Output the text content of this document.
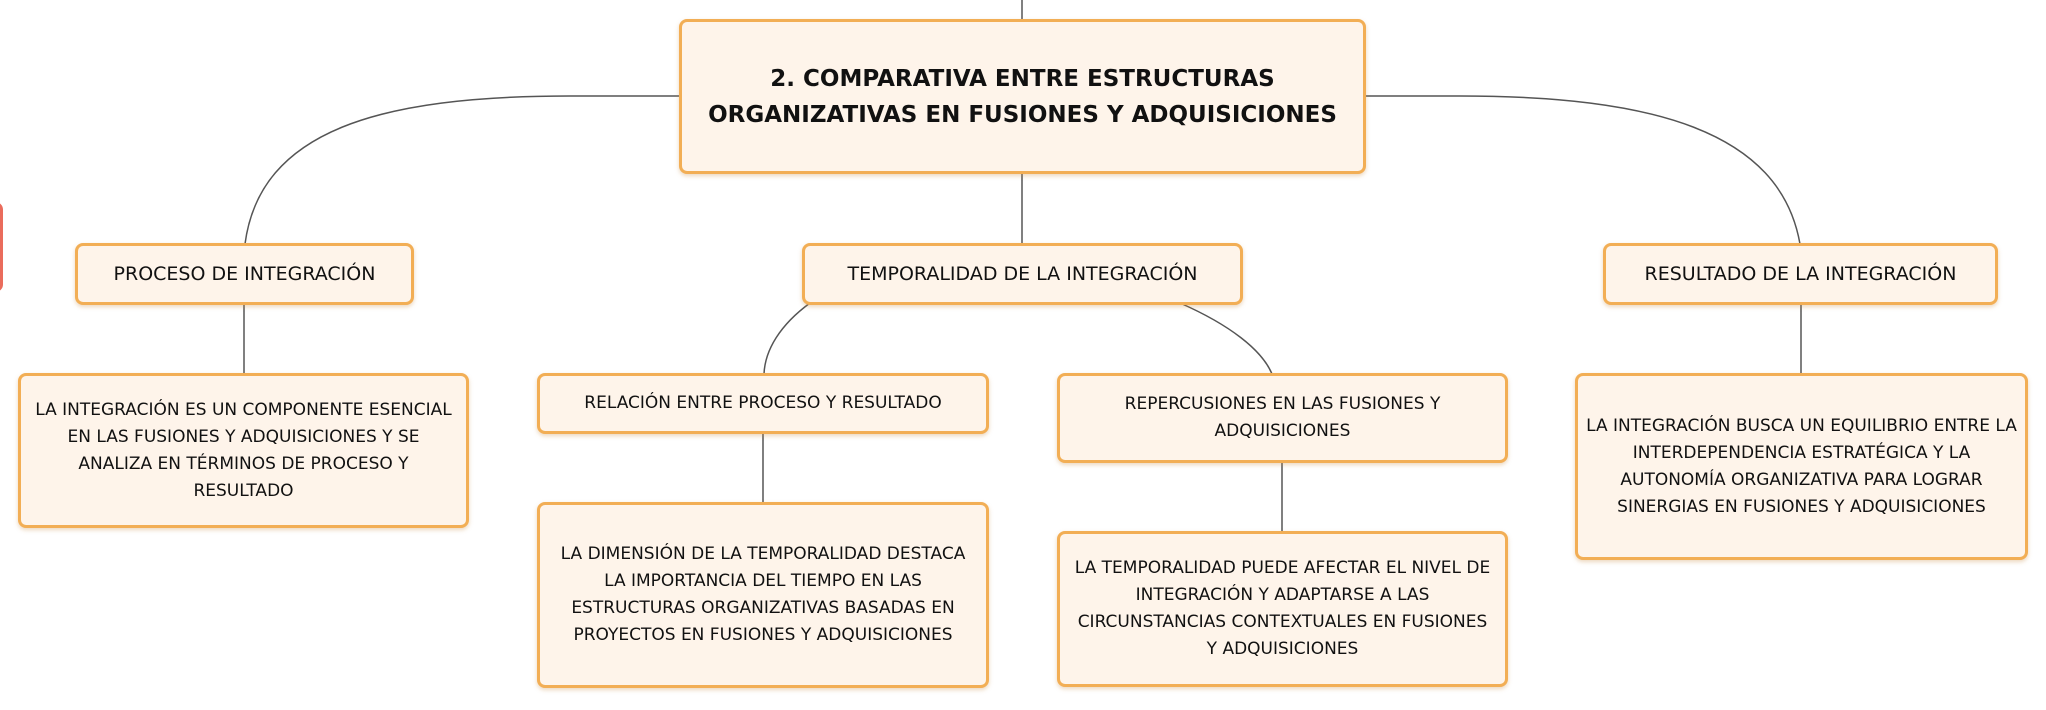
2. COMPARATIVA ENTRE ESTRUCTURAS ORGANIZATIVAS EN FUSIONES Y ADQUISICIONES
PROCESO DE INTEGRACIÓN	TEMPORALIDAD DE LA INTEGRACIÓN	RESULTADO DE LA INTEGRACIÓN
LA INTEGRACIÓN ES UN COMPONENTE ESENCIAL EN LAS FUSIONES Y ADQUISICIONES Y SE ANALIZA EN TÉRMINOS DE PROCESO Y RESULTADO
RELACIÓN ENTRE PROCESO Y RESULTADO	REPERCUSIONES EN LAS FUSIONES Y ADQUISICIONES
LA DIMENSIÓN DE LA TEMPORALIDAD DESTACA LA IMPORTANCIA DEL TIEMPO EN LAS ESTRUCTURAS ORGANIZATIVAS BASADAS EN PROYECTOS EN FUSIONES Y ADQUISICIONES
LA TEMPORALIDAD PUEDE AFECTAR EL NIVEL DE INTEGRACIÓN Y ADAPTARSE A LAS CIRCUNSTANCIAS CONTEXTUALES EN FUSIONES Y ADQUISICIONES
LA INTEGRACIÓN BUSCA UN EQUILIBRIO ENTRE LA INTERDEPENDENCIA ESTRATÉGICA Y LA AUTONOMÍA ORGANIZATIVA PARA LOGRAR SINERGIAS EN FUSIONES Y ADQUISICIONES
